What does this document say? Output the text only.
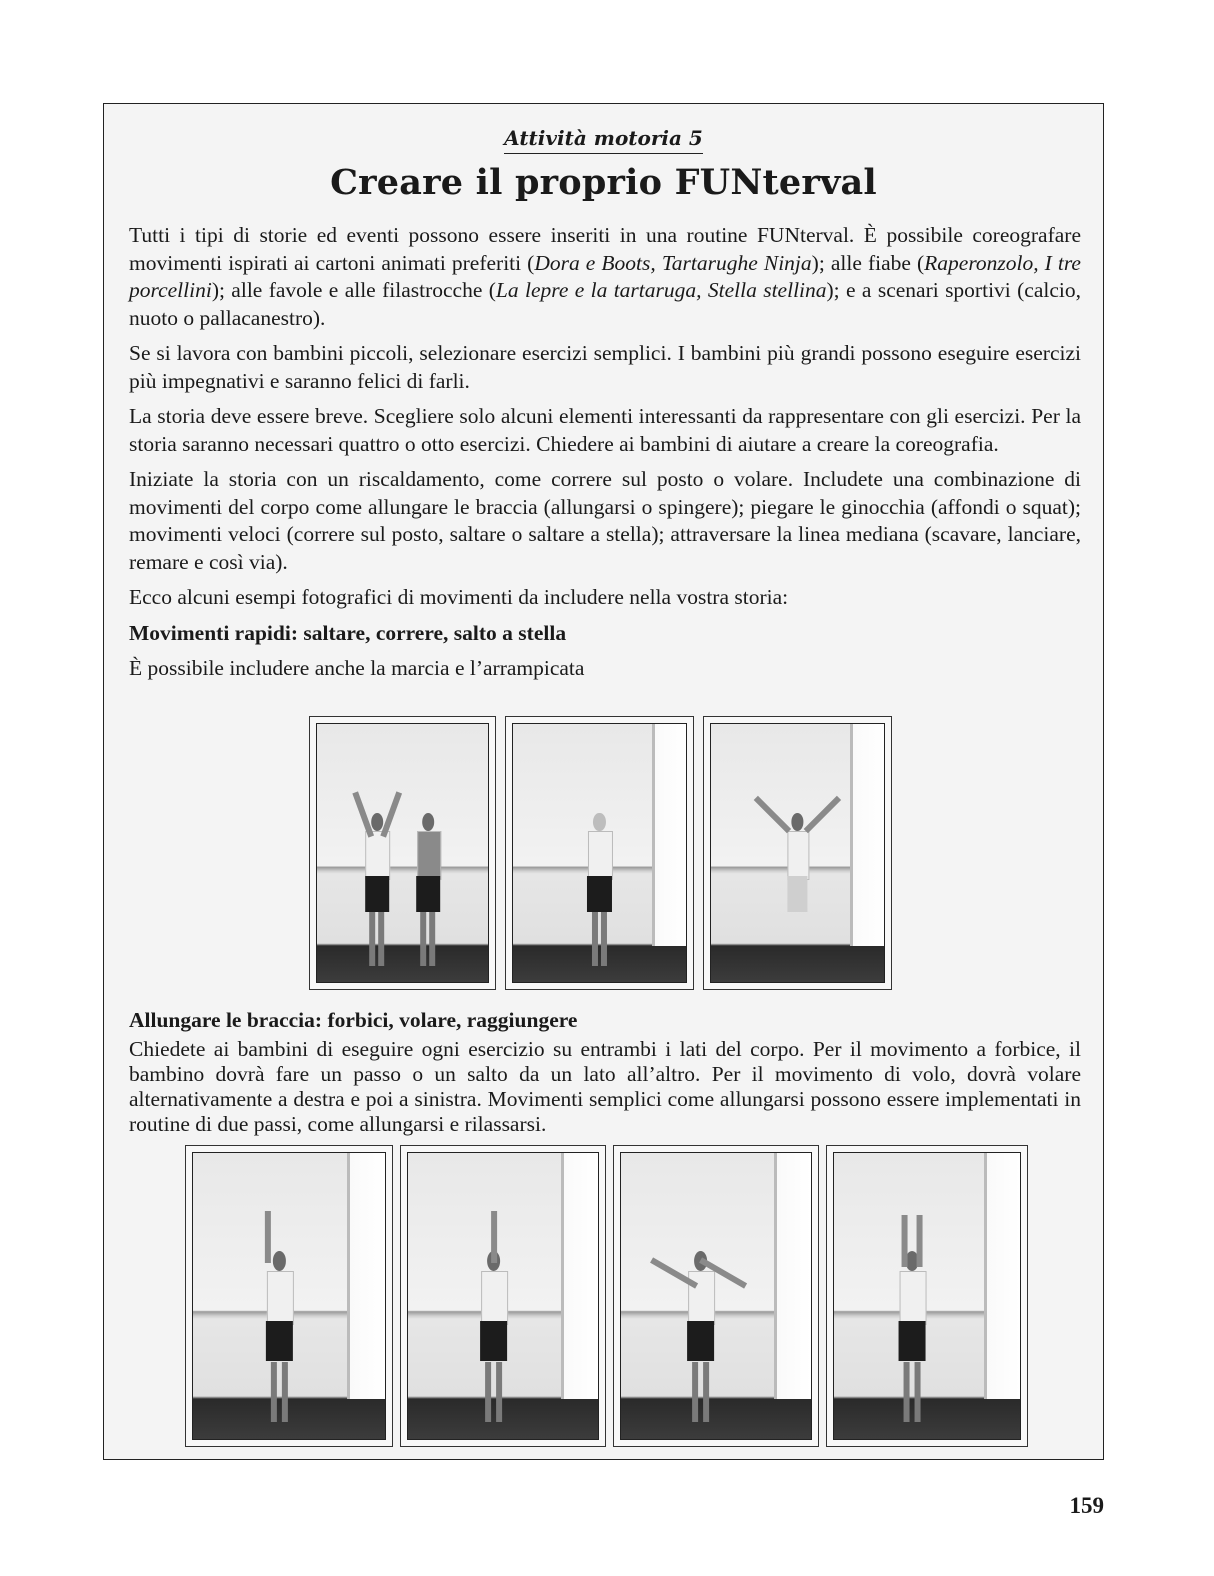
Attività motoria 5
Creare il proprio FUNterval

Tutti i tipi di storie ed eventi possono essere inseriti in una routine FUNterval. È possibile coreografare movimenti ispirati ai cartoni animati preferiti (Dora e Boots, Tartarughe Ninja); alle fiabe (Raperonzolo, I tre porcellini); alle favole e alle filastrocche (La lepre e la tartaruga, Stella stellina); e a scenari sportivi (calcio, nuoto o pallacanestro).

Se si lavora con bambini piccoli, selezionare esercizi semplici. I bambini più grandi possono eseguire esercizi più impegnativi e saranno felici di farli.

La storia deve essere breve. Scegliere solo alcuni elementi interessanti da rappresentare con gli esercizi. Per la storia saranno necessari quattro o otto esercizi. Chiedere ai bambini di aiutare a creare la coreografia.

Iniziate la storia con un riscaldamento, come correre sul posto o volare. Includete una combinazione di movimenti del corpo come allungare le braccia (allungarsi o spingere); piegare le ginocchia (affondi o squat); movimenti veloci (correre sul posto, saltare o saltare a stella); attraversare la linea mediana (scavare, lanciare, remare e così via).

Ecco alcuni esempi fotografici di movimenti da includere nella vostra storia:

Movimenti rapidi: saltare, correre, salto a stella

È possibile includere anche la marcia e l’arrampicata

Allungare le braccia: forbici, volare, raggiungere

Chiedete ai bambini di eseguire ogni esercizio su entrambi i lati del corpo. Per il movimento a forbice, il bambino dovrà fare un passo o un salto da un lato all’altro. Per il movimento di volo, dovrà volare alternativamente a destra e poi a sinistra. Movimenti semplici come allungarsi possono essere implementati in routine di due passi, come allungarsi e rilassarsi.

159
